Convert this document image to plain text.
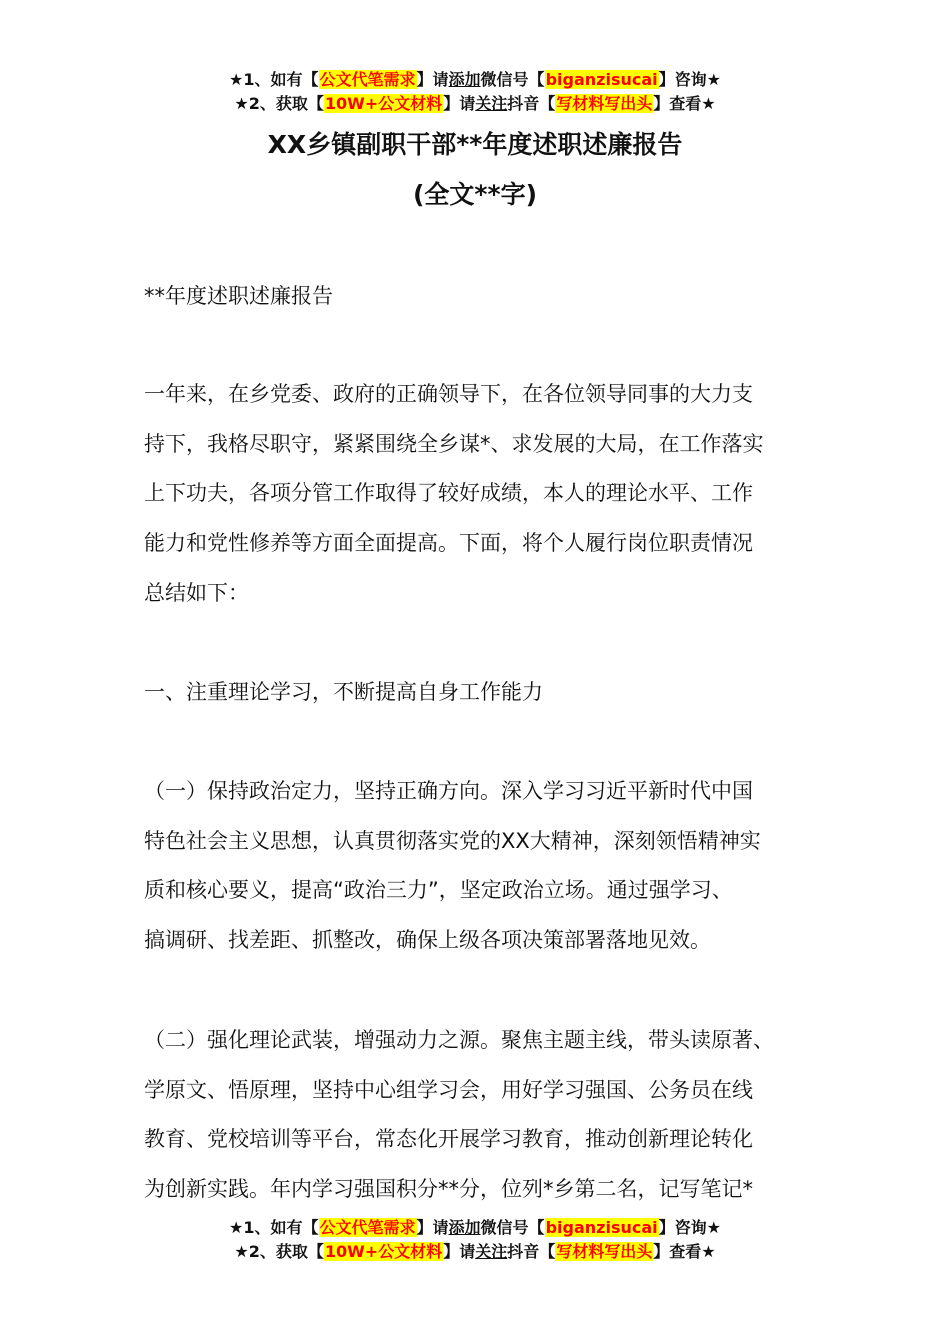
★1、如有【公文代笔需求】请添加微信号【biganzisucai】咨询★
★2、获取【10W+公文材料】请关注抖音【写材料写出头】查看★
XX乡镇副职干部**年度述职述廉报告
(全文**字)

**年度述职述廉报告

一年来，在乡党委、政府的正确领导下，在各位领导同事的大力支
持下，我格尽职守，紧紧围绕全乡谋*、求发展的大局，在工作落实
上下功夫，各项分管工作取得了较好成绩，本人的理论水平、工作
能力和党性修养等方面全面提高。下面，将个人履行岗位职责情况
总结如下：

一、注重理论学习，不断提高自身工作能力

（一）保持政治定力，坚持正确方向。深入学习习近平新时代中国
特色社会主义思想，认真贯彻落实党的XX大精神，深刻领悟精神实
质和核心要义，提高“政治三力”，坚定政治立场。通过强学习、
搞调研、找差距、抓整改，确保上级各项决策部署落地见效。

（二）强化理论武装，增强动力之源。聚焦主题主线，带头读原著、
学原文、悟原理，坚持中心组学习会，用好学习强国、公务员在线
教育、党校培训等平台，常态化开展学习教育，推动创新理论转化
为创新实践。年内学习强国积分**分，位列*乡第二名，记写笔记*

★1、如有【公文代笔需求】请添加微信号【biganzisucai】咨询★
★2、获取【10W+公文材料】请关注抖音【写材料写出头】查看★
